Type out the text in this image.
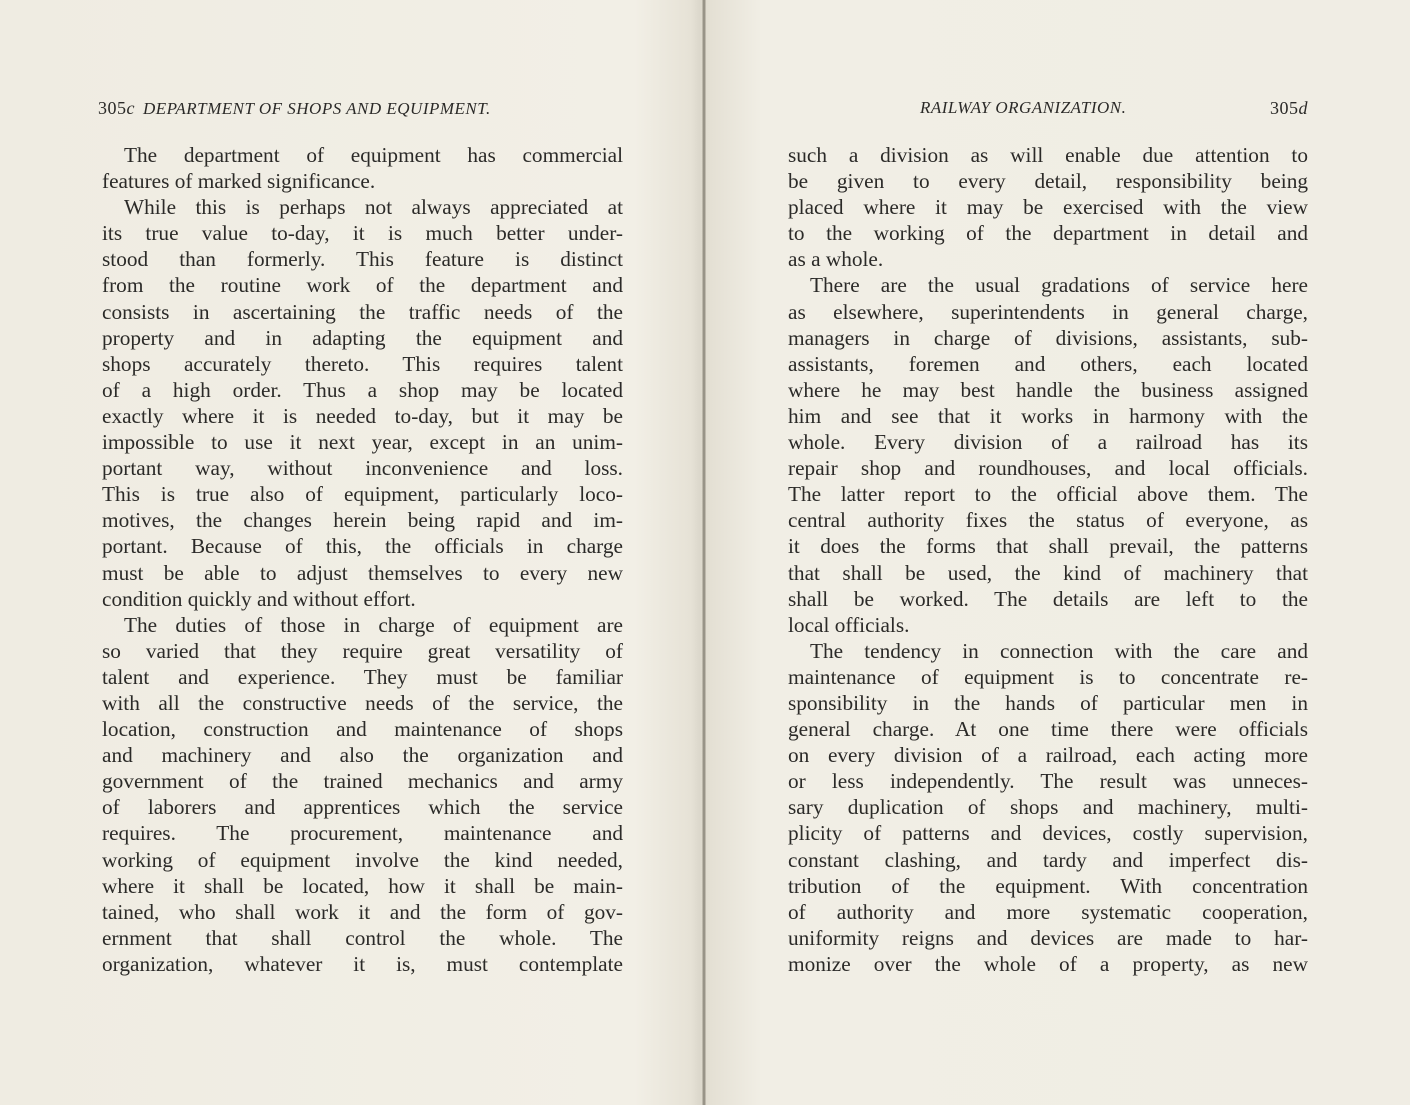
305c DEPARTMENT OF SHOPS AND EQUIPMENT.
The department of equipment has commercial
features of marked significance.
While this is perhaps not always appreciated at
its true value to-day, it is much better under-
stood than formerly. This feature is distinct
from the routine work of the department and
consists in ascertaining the traffic needs of the
property and in adapting the equipment and
shops accurately thereto. This requires talent
of a high order. Thus a shop may be located
exactly where it is needed to-day, but it may be
impossible to use it next year, except in an unim-
portant way, without inconvenience and loss.
This is true also of equipment, particularly loco-
motives, the changes herein being rapid and im-
portant. Because of this, the officials in charge
must be able to adjust themselves to every new
condition quickly and without effort.
The duties of those in charge of equipment are
so varied that they require great versatility of
talent and experience. They must be familiar
with all the constructive needs of the service, the
location, construction and maintenance of shops
and machinery and also the organization and
government of the trained mechanics and army
of laborers and apprentices which the service
requires. The procurement, maintenance and
working of equipment involve the kind needed,
where it shall be located, how it shall be main-
tained, who shall work it and the form of gov-
ernment that shall control the whole. The
organization, whatever it is, must contemplate
RAILWAY ORGANIZATION.	305d
such a division as will enable due attention to
be given to every detail, responsibility being
placed where it may be exercised with the view
to the working of the department in detail and
as a whole.
There are the usual gradations of service here
as elsewhere, superintendents in general charge,
managers in charge of divisions, assistants, sub-
assistants, foremen and others, each located
where he may best handle the business assigned
him and see that it works in harmony with the
whole. Every division of a railroad has its
repair shop and roundhouses, and local officials.
The latter report to the official above them. The
central authority fixes the status of everyone, as
it does the forms that shall prevail, the patterns
that shall be used, the kind of machinery that
shall be worked. The details are left to the
local officials.
The tendency in connection with the care and
maintenance of equipment is to concentrate re-
sponsibility in the hands of particular men in
general charge. At one time there were officials
on every division of a railroad, each acting more
or less independently. The result was unneces-
sary duplication of shops and machinery, multi-
plicity of patterns and devices, costly supervision,
constant clashing, and tardy and imperfect dis-
tribution of the equipment. With concentration
of authority and more systematic cooperation,
uniformity reigns and devices are made to har-
monize over the whole of a property, as new
